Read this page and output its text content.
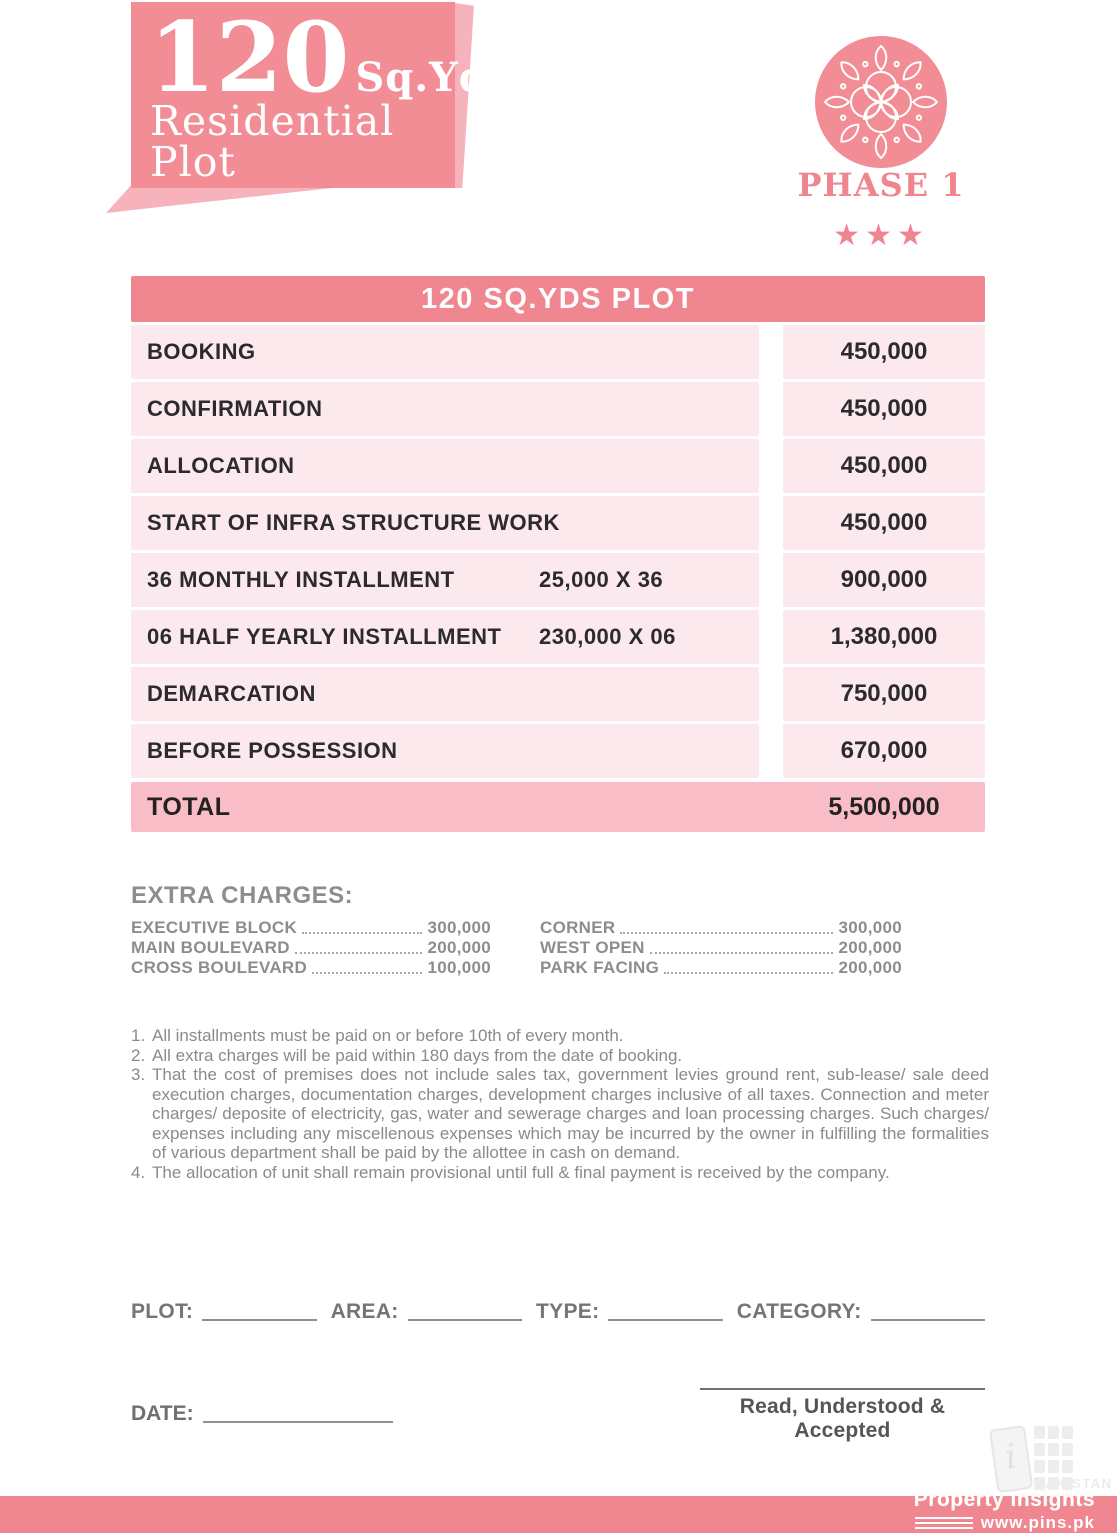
120 Sq.Yds
Residential Plot	PHASE 1
★★★
120 SQ.YDS PLOT
BOOKING	450,000
CONFIRMATION	450,000
ALLOCATION	450,000
START OF INFRA STRUCTURE WORK	450,000
36 MONTHLY INSTALLMENT	25,000 X 36	900,000
06 HALF YEARLY INSTALLMENT 230,000 X 06	1,380,000
DEMARCATION	750,000
BEFORE POSSESSION	670,000
TOTAL	5,500,000
EXTRA CHARGES:
EXECUTIVE BLOCK	300,000
MAIN BOULEVARD	200,000
CROSS BOULEVARD	100,000
CORNER	300,000
WEST OPEN	200,000
PARK FACING	200,000
1. All installments must be paid on or before 10th of every month.
2. All extra charges will be paid within 180 days from the date of booking.
3. That the cost of premises does not include sales tax, government levies ground rent, sub-lease/ sale deed execution charges, documentation charges, development charges inclusive of all taxes. Connection and meter charges/ deposite of electricity, gas, water and sewerage charges and loan processing charges. Such charges/ expenses including any miscellenous expenses which may be incurred by the owner in fulfilling the formalities of various department shall be paid by the allottee in cash on demand.
4. The allocation of unit shall remain provisional until full & final payment is received by the company.
PLOT:	AREA:	TYPE:	CATEGORY:
DATE:	Read, Understood & Accepted
i
PAKISTAN
Property Insights
www.pins.pk
